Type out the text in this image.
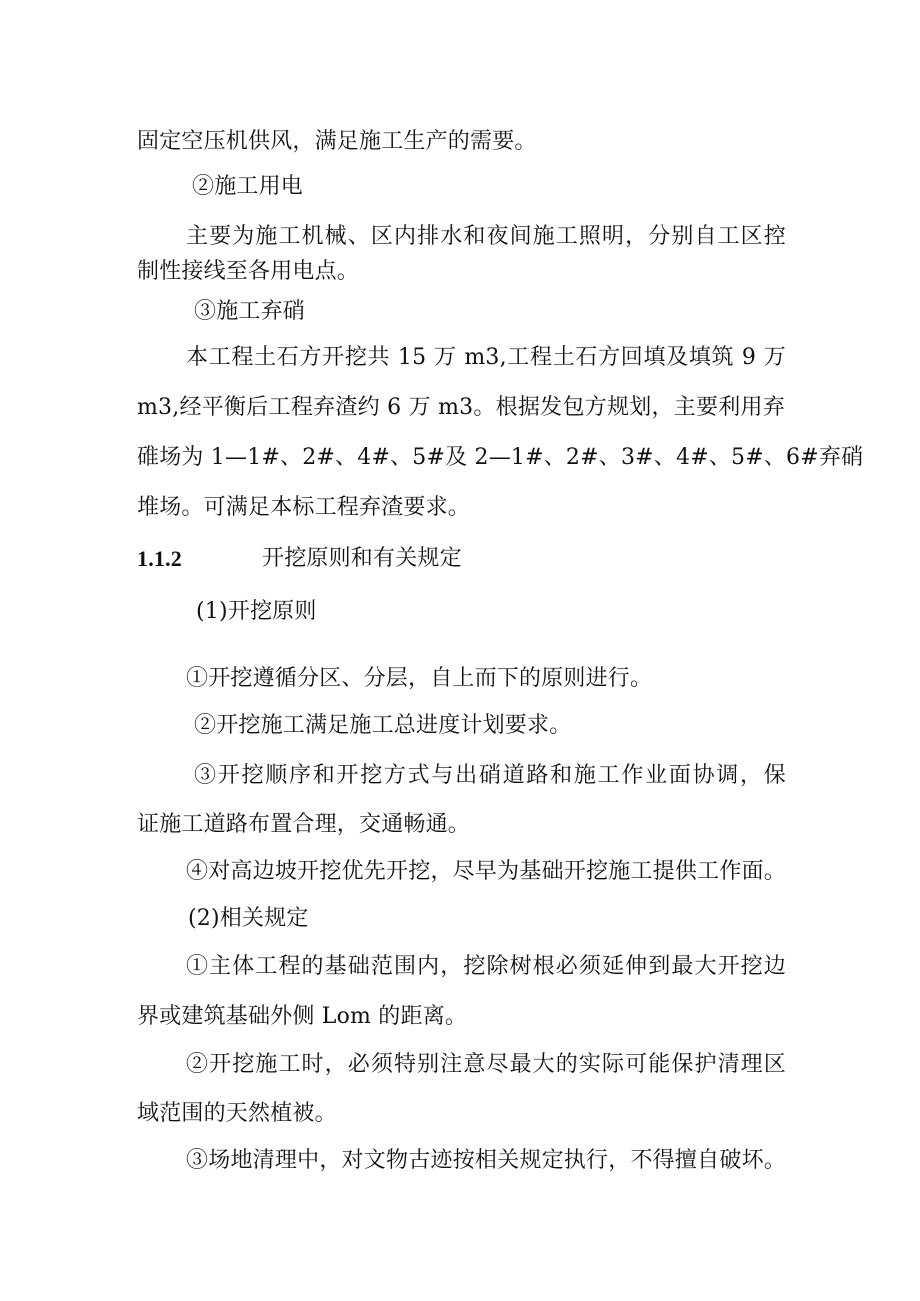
固定空压机供风，满足施工生产的需要。
②施工用电
主要为施工机械、区内排水和夜间施工照明，分别自工区控
制性接线至各用电点。
③施工弃硝
本工程土石方开挖共 15 万 m3,工程土石方回填及填筑 9 万
m3,经平衡后工程弃渣约 6 万 m3。根据发包方规划，主要利用弃
碓场为 1—1#、2#、4#、5#及 2—1#、2#、3#、4#、5#、6#弃硝
堆场。可满足本标工程弃渣要求。
1.1.2	开挖原则和有关规定
(1)开挖原则
①开挖遵循分区、分层，自上而下的原则进行。
②开挖施工满足施工总进度计划要求。
③开挖顺序和开挖方式与出硝道路和施工作业面协调，保
证施工道路布置合理，交通畅通。
④对高边坡开挖优先开挖，尽早为基础开挖施工提供工作面。
(2)相关规定
①主体工程的基础范围内，挖除树根必须延伸到最大开挖边
界或建筑基础外侧 Lom 的距离。
②开挖施工时，必须特别注意尽最大的实际可能保护清理区
域范围的天然植被。
③场地清理中，对文物古迹按相关规定执行，不得擅自破坏。
